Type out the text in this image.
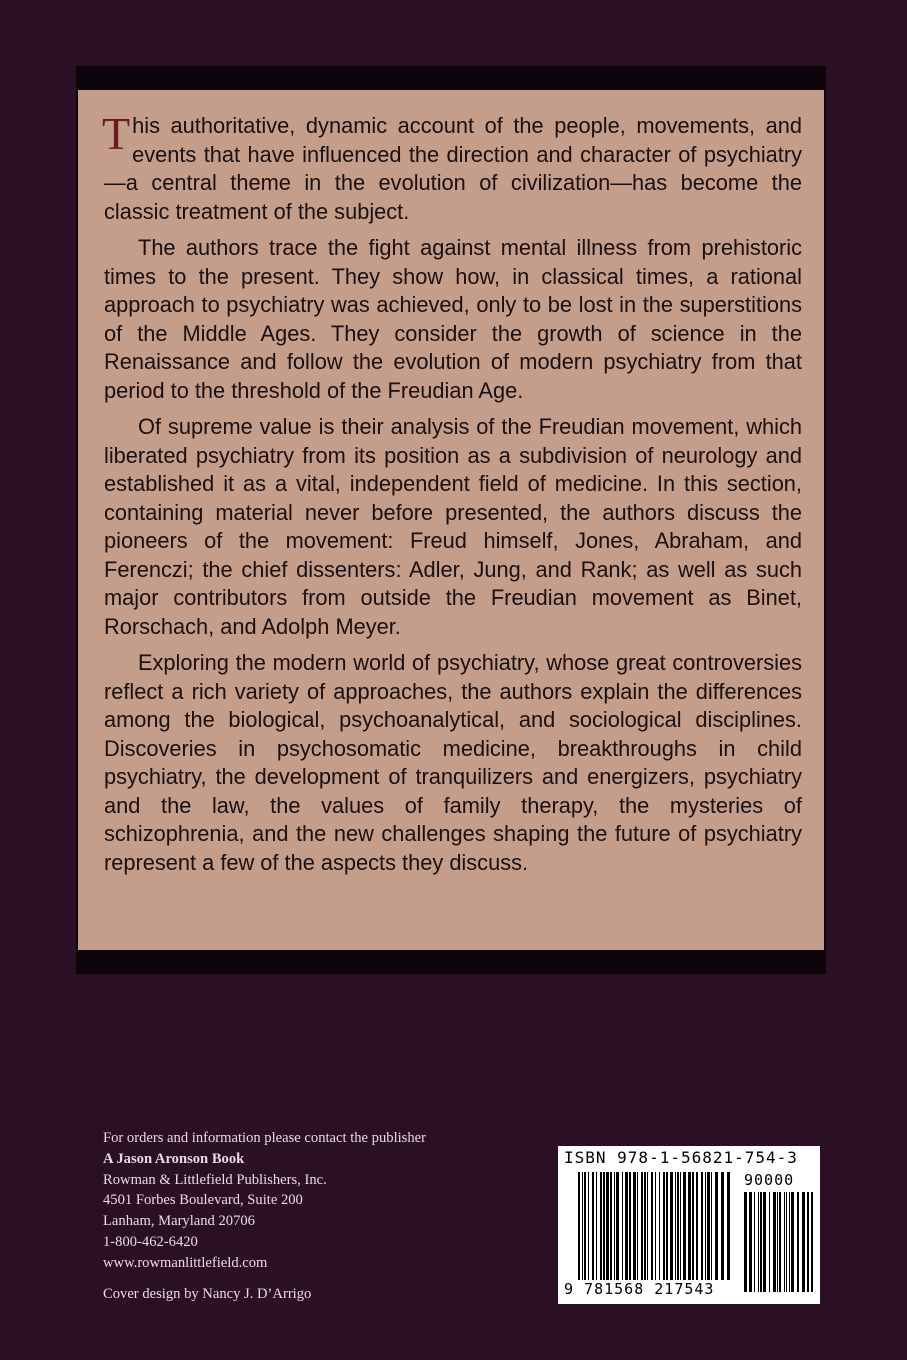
This authoritative, dynamic account of the people, movements, and events that have influenced the direction and character of psychiatry—a central theme in the evolution of civilization—has become the classic treatment of the subject.

The authors trace the fight against mental illness from prehistoric times to the present. They show how, in classical times, a rational approach to psychiatry was achieved, only to be lost in the superstitions of the Middle Ages. They consider the growth of science in the Renaissance and follow the evolution of modern psychiatry from that period to the threshold of the Freudian Age.

Of supreme value is their analysis of the Freudian movement, which liberated psychiatry from its position as a subdivision of neurology and established it as a vital, independent field of medicine. In this section, containing material never before presented, the authors discuss the pioneers of the movement: Freud himself, Jones, Abraham, and Ferenczi; the chief dissenters: Adler, Jung, and Rank; as well as such major contributors from outside the Freudian movement as Binet, Rorschach, and Adolph Meyer.

Exploring the modern world of psychiatry, whose great controversies reflect a rich variety of approaches, the authors explain the differences among the biological, psychoanalytical, and sociological disciplines. Discoveries in psychosomatic medicine, breakthroughs in child psychiatry, the development of tranquilizers and energizers, psychiatry and the law, the values of family therapy, the mysteries of schizophrenia, and the new challenges shaping the future of psychiatry represent a few of the aspects they discuss.

For orders and information please contact the publisher
A Jason Aronson Book
Rowman & Littlefield Publishers, Inc.
4501 Forbes Boulevard, Suite 200
Lanham, Maryland 20706
1-800-462-6420
www.rowmanlittlefield.com
Cover design by Nancy J. D’Arrigo
ISBN 978-1-56821-754-3
90000
9 781568 217543
